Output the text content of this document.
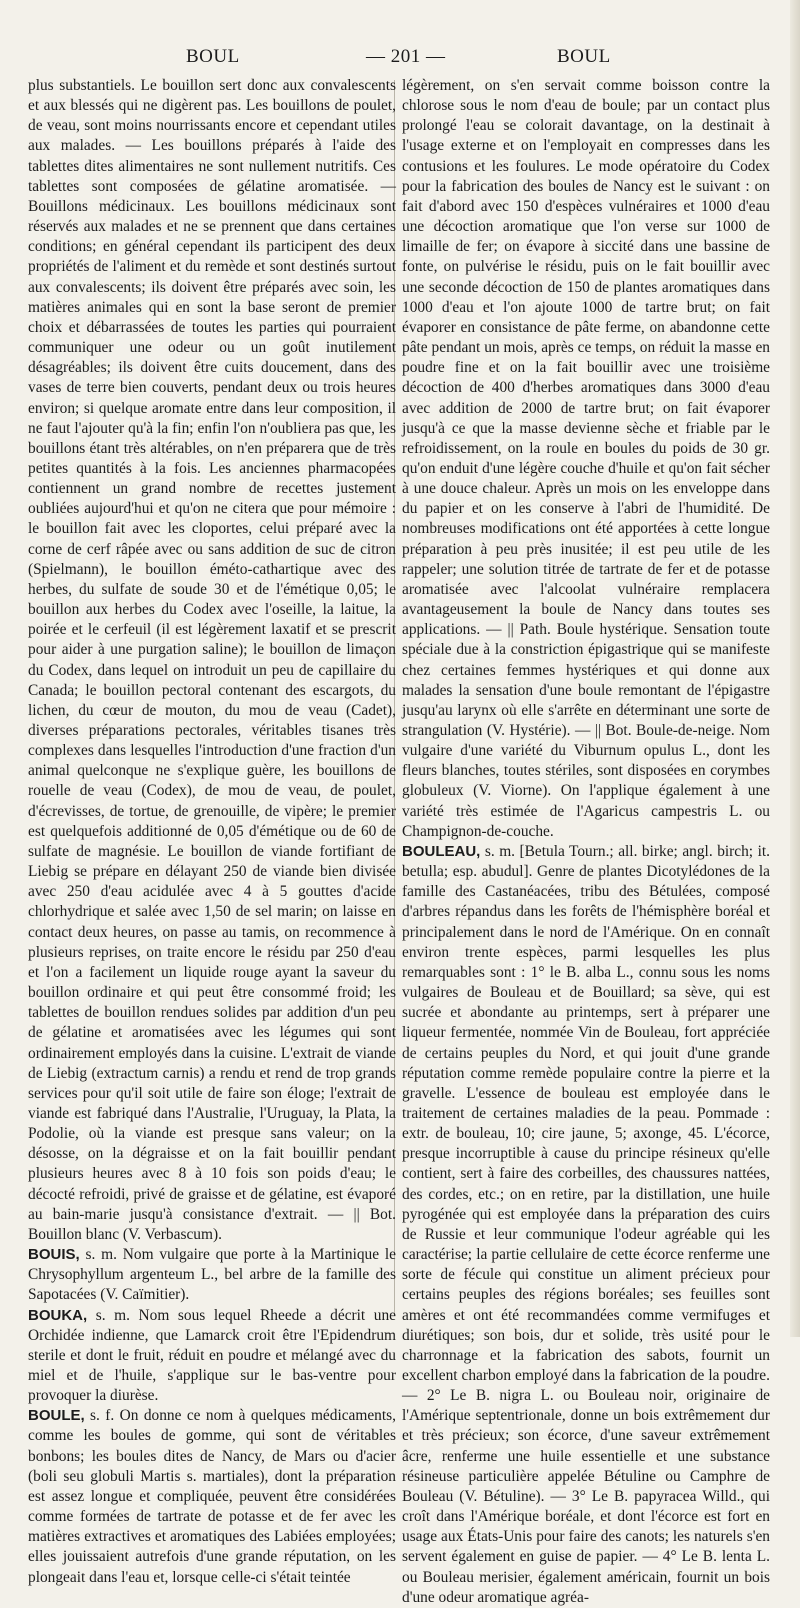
BOUL	— 201 —	BOUL

plus substantiels. Le bouillon sert donc aux convalescents et aux blessés qui ne digèrent pas. Les bouillons de poulet, de veau, sont moins nourrissants encore et cependant utiles aux malades. — Les bouillons préparés à l'aide des tablettes dites alimentaires ne sont nullement nutritifs. Ces tablettes sont composées de gélatine aromatisée. — Bouillons médicinaux. Les bouillons médicinaux sont réservés aux malades et ne se prennent que dans certaines conditions; en général cependant ils participent des deux propriétés de l'aliment et du remède et sont destinés surtout aux convalescents; ils doivent être préparés avec soin, les matières animales qui en sont la base seront de premier choix et débarrassées de toutes les parties qui pourraient communiquer une odeur ou un goût inutilement désagréables; ils doivent être cuits doucement, dans des vases de terre bien couverts, pendant deux ou trois heures environ; si quelque aromate entre dans leur composition, il ne faut l'ajouter qu'à la fin; enfin l'on n'oubliera pas que, les bouillons étant très altérables, on n'en préparera que de très petites quantités à la fois. Les anciennes pharmacopées contiennent un grand nombre de recettes justement oubliées aujourd'hui et qu'on ne citera que pour mémoire : le bouillon fait avec les cloportes, celui préparé avec la corne de cerf râpée avec ou sans addition de suc de citron (Spielmann), le bouillon éméto-cathartique avec des herbes, du sulfate de soude 30 et de l'émétique 0,05; le bouillon aux herbes du Codex avec l'oseille, la laitue, la poirée et le cerfeuil (il est légèrement laxatif et se prescrit pour aider à une purgation saline); le bouillon de limaçon du Codex, dans lequel on introduit un peu de capillaire du Canada; le bouillon pectoral contenant des escargots, du lichen, du cœur de mouton, du mou de veau (Cadet), diverses préparations pectorales, véritables tisanes très complexes dans lesquelles l'introduction d'une fraction d'un animal quelconque ne s'explique guère, les bouillons de rouelle de veau (Codex), de mou de veau, de poulet, d'écrevisses, de tortue, de grenouille, de vipère; le premier est quelquefois additionné de 0,05 d'émétique ou de 60 de sulfate de magnésie. Le bouillon de viande fortifiant de Liebig se prépare en délayant 250 de viande bien divisée avec 250 d'eau acidulée avec 4 à 5 gouttes d'acide chlorhydrique et salée avec 1,50 de sel marin; on laisse en contact deux heures, on passe au tamis, on recommence à plusieurs reprises, on traite encore le résidu par 250 d'eau et l'on a facilement un liquide rouge ayant la saveur du bouillon ordinaire et qui peut être consommé froid; les tablettes de bouillon rendues solides par addition d'un peu de gélatine et aromatisées avec les légumes qui sont ordinairement employés dans la cuisine. L'extrait de viande de Liebig (extractum carnis) a rendu et rend de trop grands services pour qu'il soit utile de faire son éloge; l'extrait de viande est fabriqué dans l'Australie, l'Uruguay, la Plata, la Podolie, où la viande est presque sans valeur; on la désosse, on la dégraisse et on la fait bouillir pendant plusieurs heures avec 8 à 10 fois son poids d'eau; le décocté refroidi, privé de graisse et de gélatine, est évaporé au bain-marie jusqu'à consistance d'extrait. — || Bot. Bouillon blanc (V. Verbascum).

BOUIS, s. m. Nom vulgaire que porte à la Martinique le Chrysophyllum argenteum L., bel arbre de la famille des Sapotacées (V. Caïmitier).

BOUKA, s. m. Nom sous lequel Rheede a décrit une Orchidée indienne, que Lamarck croit être l'Epidendrum sterile et dont le fruit, réduit en poudre et mélangé avec du miel et de l'huile, s'applique sur le bas-ventre pour provoquer la diurèse.

BOULE, s. f. On donne ce nom à quelques médicaments, comme les boules de gomme, qui sont de véritables bonbons; les boules dites de Nancy, de Mars ou d'acier (boli seu globuli Martis s. martiales), dont la préparation est assez longue et compliquée, peuvent être considérées comme formées de tartrate de potasse et de fer avec les matières extractives et aromatiques des Labiées employées; elles jouissaient autrefois d'une grande réputation, on les plongeait dans l'eau et, lorsque celle-ci s'était teintée

légèrement, on s'en servait comme boisson contre la chlorose sous le nom d'eau de boule; par un contact plus prolongé l'eau se colorait davantage, on la destinait à l'usage externe et on l'employait en compresses dans les contusions et les foulures. Le mode opératoire du Codex pour la fabrication des boules de Nancy est le suivant : on fait d'abord avec 150 d'espèces vulnéraires et 1000 d'eau une décoction aromatique que l'on verse sur 1000 de limaille de fer; on évapore à siccité dans une bassine de fonte, on pulvérise le résidu, puis on le fait bouillir avec une seconde décoction de 150 de plantes aromatiques dans 1000 d'eau et l'on ajoute 1000 de tartre brut; on fait évaporer en consistance de pâte ferme, on abandonne cette pâte pendant un mois, après ce temps, on réduit la masse en poudre fine et on la fait bouillir avec une troisième décoction de 400 d'herbes aromatiques dans 3000 d'eau avec addition de 2000 de tartre brut; on fait évaporer jusqu'à ce que la masse devienne sèche et friable par le refroidissement, on la roule en boules du poids de 30 gr. qu'on enduit d'une légère couche d'huile et qu'on fait sécher à une douce chaleur. Après un mois on les enveloppe dans du papier et on les conserve à l'abri de l'humidité. De nombreuses modifications ont été apportées à cette longue préparation à peu près inusitée; il est peu utile de les rappeler; une solution titrée de tartrate de fer et de potasse aromatisée avec l'alcoolat vulnéraire remplacera avantageusement la boule de Nancy dans toutes ses applications. — || Path. Boule hystérique. Sensation toute spéciale due à la constriction épigastrique qui se manifeste chez certaines femmes hystériques et qui donne aux malades la sensation d'une boule remontant de l'épigastre jusqu'au larynx où elle s'arrête en déterminant une sorte de strangulation (V. Hystérie). — || Bot. Boule-de-neige. Nom vulgaire d'une variété du Viburnum opulus L., dont les fleurs blanches, toutes stériles, sont disposées en corymbes globuleux (V. Viorne). On l'applique également à une variété très estimée de l'Agaricus campestris L. ou Champignon-de-couche.

BOULEAU, s. m. [Betula Tourn.; all. birke; angl. birch; it. betulla; esp. abudul]. Genre de plantes Dicotylédones de la famille des Castanéacées, tribu des Bétulées, composé d'arbres répandus dans les forêts de l'hémisphère boréal et principalement dans le nord de l'Amérique. On en connaît environ trente espèces, parmi lesquelles les plus remarquables sont : 1° le B. alba L., connu sous les noms vulgaires de Bouleau et de Bouillard; sa sève, qui est sucrée et abondante au printemps, sert à préparer une liqueur fermentée, nommée Vin de Bouleau, fort appréciée de certains peuples du Nord, et qui jouit d'une grande réputation comme remède populaire contre la pierre et la gravelle. L'essence de bouleau est employée dans le traitement de certaines maladies de la peau. Pommade : extr. de bouleau, 10; cire jaune, 5; axonge, 45. L'écorce, presque incorruptible à cause du principe résineux qu'elle contient, sert à faire des corbeilles, des chaussures nattées, des cordes, etc.; on en retire, par la distillation, une huile pyrogénée qui est employée dans la préparation des cuirs de Russie et leur communique l'odeur agréable qui les caractérise; la partie cellulaire de cette écorce renferme une sorte de fécule qui constitue un aliment précieux pour certains peuples des régions boréales; ses feuilles sont amères et ont été recommandées comme vermifuges et diurétiques; son bois, dur et solide, très usité pour le charronnage et la fabrication des sabots, fournit un excellent charbon employé dans la fabrication de la poudre. — 2° Le B. nigra L. ou Bouleau noir, originaire de l'Amérique septentrionale, donne un bois extrêmement dur et très précieux; son écorce, d'une saveur extrêmement âcre, renferme une huile essentielle et une substance résineuse particulière appelée Bétuline ou Camphre de Bouleau (V. Bétuline). — 3° Le B. papyracea Willd., qui croît dans l'Amérique boréale, et dont l'écorce est fort en usage aux États-Unis pour faire des canots; les naturels s'en servent également en guise de papier. — 4° Le B. lenta L. ou Bouleau merisier, également américain, fournit un bois d'une odeur aromatique agréa-
